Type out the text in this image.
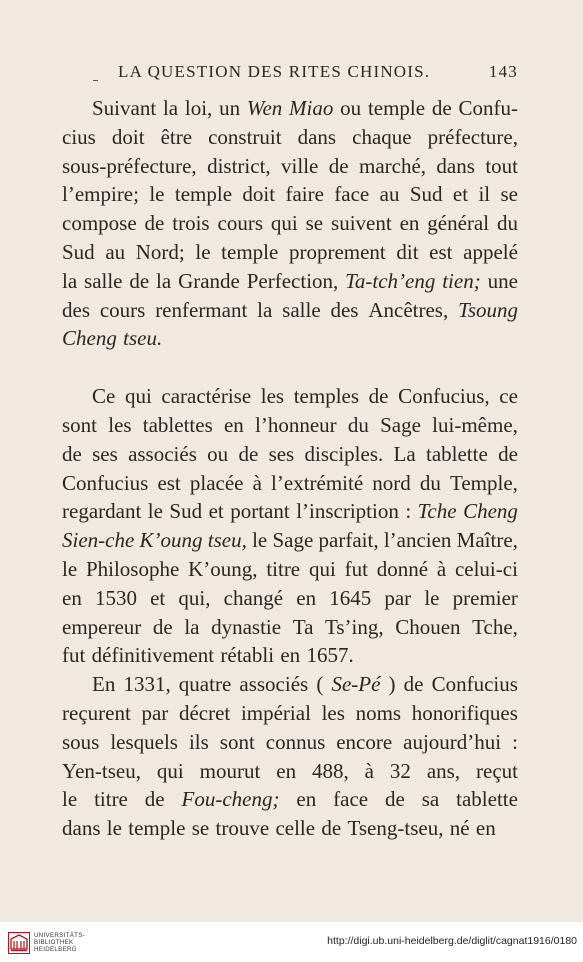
LA QUESTION DES RITES CHINOIS.	143
Suivant la loi, un Wen Miao ou temple de Confu-
cius doit être construit dans chaque préfecture,
sous-préfecture, district, ville de marché, dans tout
l’empire; le temple doit faire face au Sud et il se
compose de trois cours qui se suivent en général du
Sud au Nord; le temple proprement dit est appelé
la salle de la Grande Perfection, Ta-tch’eng tien; une
des cours renfermant la salle des Ancêtres, Tsoung
Cheng tseu.
Ce qui caractérise les temples de Confucius, ce
sont les tablettes en l’honneur du Sage lui-même,
de ses associés ou de ses disciples. La tablette de
Confucius est placée à l’extrémité nord du Temple,
regardant le Sud et portant l’inscription : Tche Cheng
Sien-che K’oung tseu, le Sage parfait, l’ancien Maître,
le Philosophe K’oung, titre qui fut donné à celui-ci
en 1530 et qui, changé en 1645 par le premier
empereur de la dynastie Ta Ts’ing, Chouen Tche,
fut définitivement rétabli en 1657.
En 1331, quatre associés ( Se-Pé ) de Confucius
reçurent par décret impérial les noms honorifiques
sous lesquels ils sont connus encore aujourd’hui :
Yen-tseu, qui mourut en 488, à 32 ans, reçut
le titre de Fou-cheng; en face de sa tablette
dans le temple se trouve celle de Tseng-tseu, né en
UNIVERSITÄTS-
BIBLIOTHEK
HEIDELBERG
http://digi.ub.uni-heidelberg.de/diglit/cagnat1916/0180
